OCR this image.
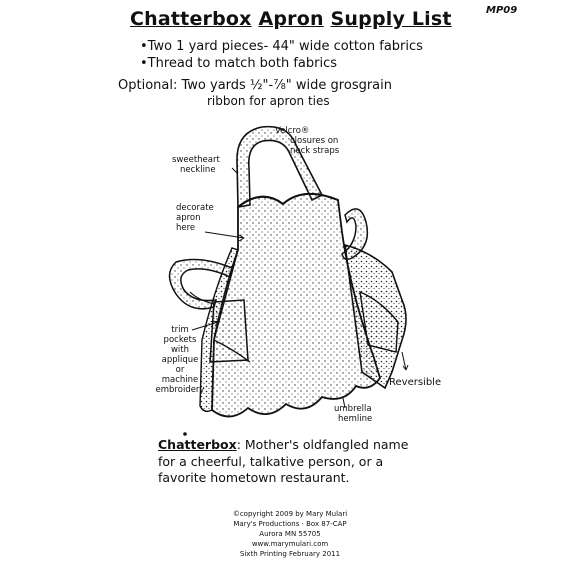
Chatterbox Apron Supply List	MP09
•Two 1 yard pieces- 44" wide cotton fabrics
•Thread to match both fabrics
Optional: Two yards ½"-⅞" wide grosgrain
ribbon for apron ties
Velcro®
closures on
neck straps
sweetheart
neckline
decorate
apron
here
trim
pockets
with
applique
or
machine
embroidery
Reversible
umbrella
hemline
Chatterbox: Mother's oldfangled name
for a cheerful, talkative person, or a
favorite hometown restaurant.
©copyright 2009 by Mary Mulari
Mary's Productions · Box 87-CAP
Aurora MN 55705
www.marymulari.com
Sixth Printing February 2011
